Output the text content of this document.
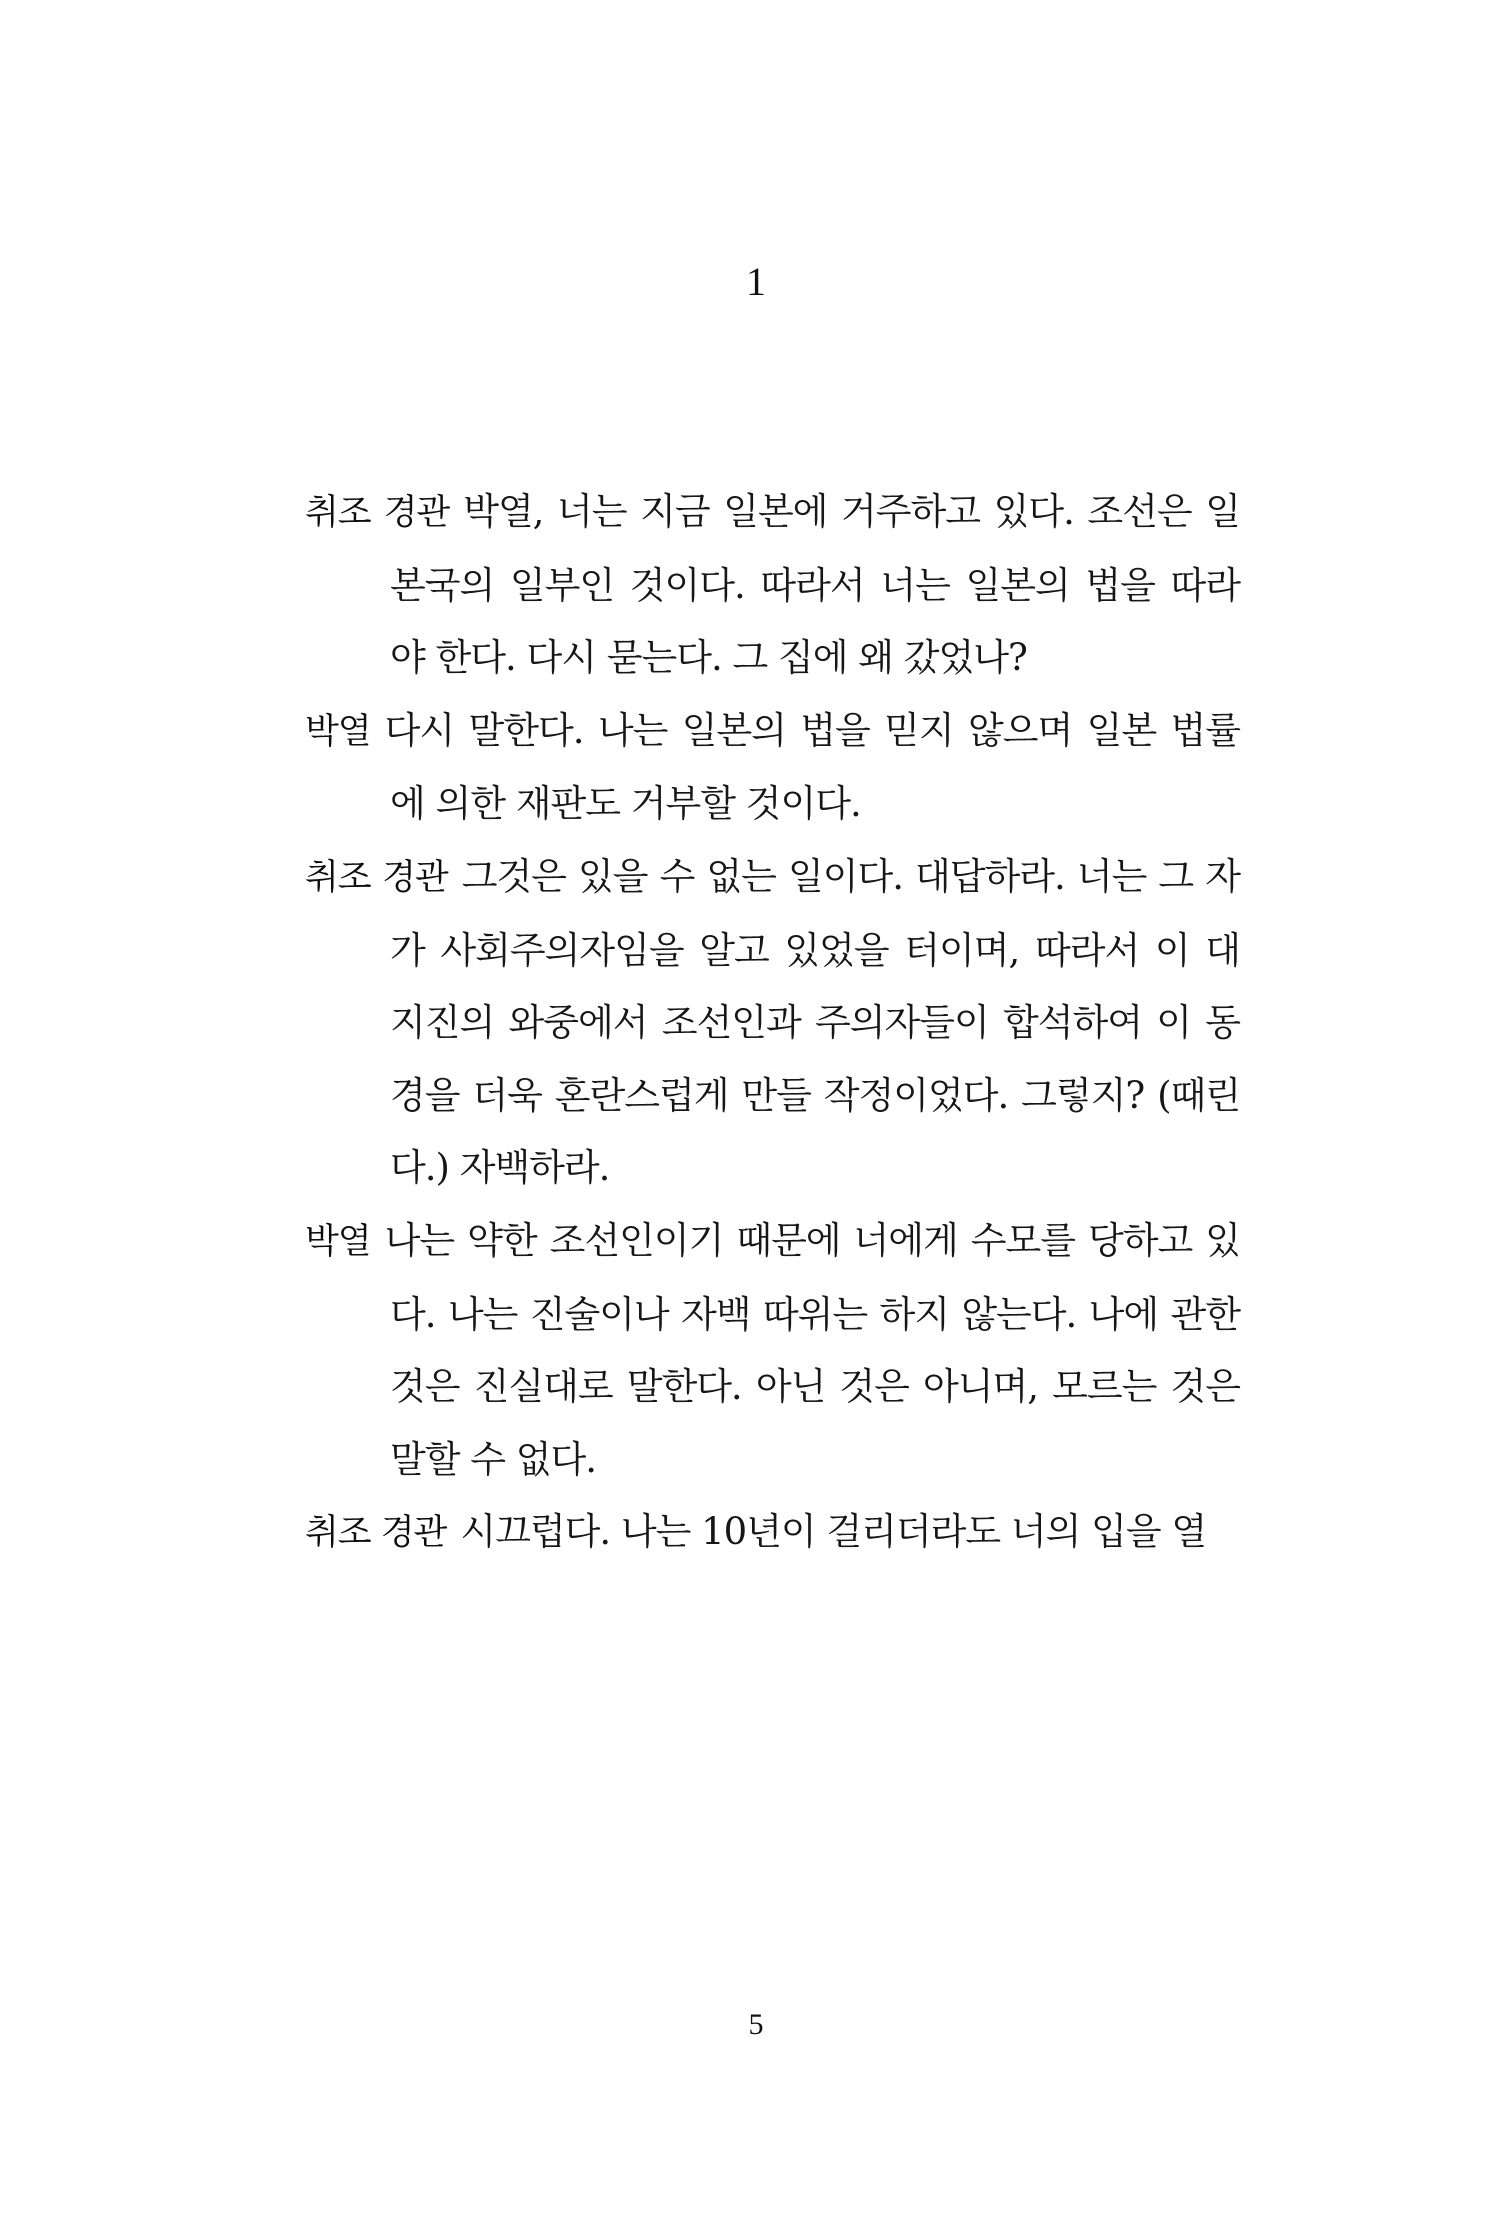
1

취조 경관 박열, 너는 지금 일본에 거주하고 있다. 조선은 일본국의 일부인 것이다. 따라서 너는 일본의 법을 따라야 한다. 다시 묻는다. 그 집에 왜 갔었나?

박열 다시 말한다. 나는 일본의 법을 믿지 않으며 일본 법률에 의한 재판도 거부할 것이다.

취조 경관 그것은 있을 수 없는 일이다. 대답하라. 너는 그 자가 사회주의자임을 알고 있었을 터이며, 따라서 이 대지진의 와중에서 조선인과 주의자들이 합석하여 이 동경을 더욱 혼란스럽게 만들 작정이었다. 그렇지? (때린다.) 자백하라.

박열 나는 약한 조선인이기 때문에 너에게 수모를 당하고 있다. 나는 진술이나 자백 따위는 하지 않는다. 나에 관한 것은 진실대로 말한다. 아닌 것은 아니며, 모르는 것은 말할 수 없다.

취조 경관 시끄럽다. 나는 10년이 걸리더라도 너의 입을 열

5
